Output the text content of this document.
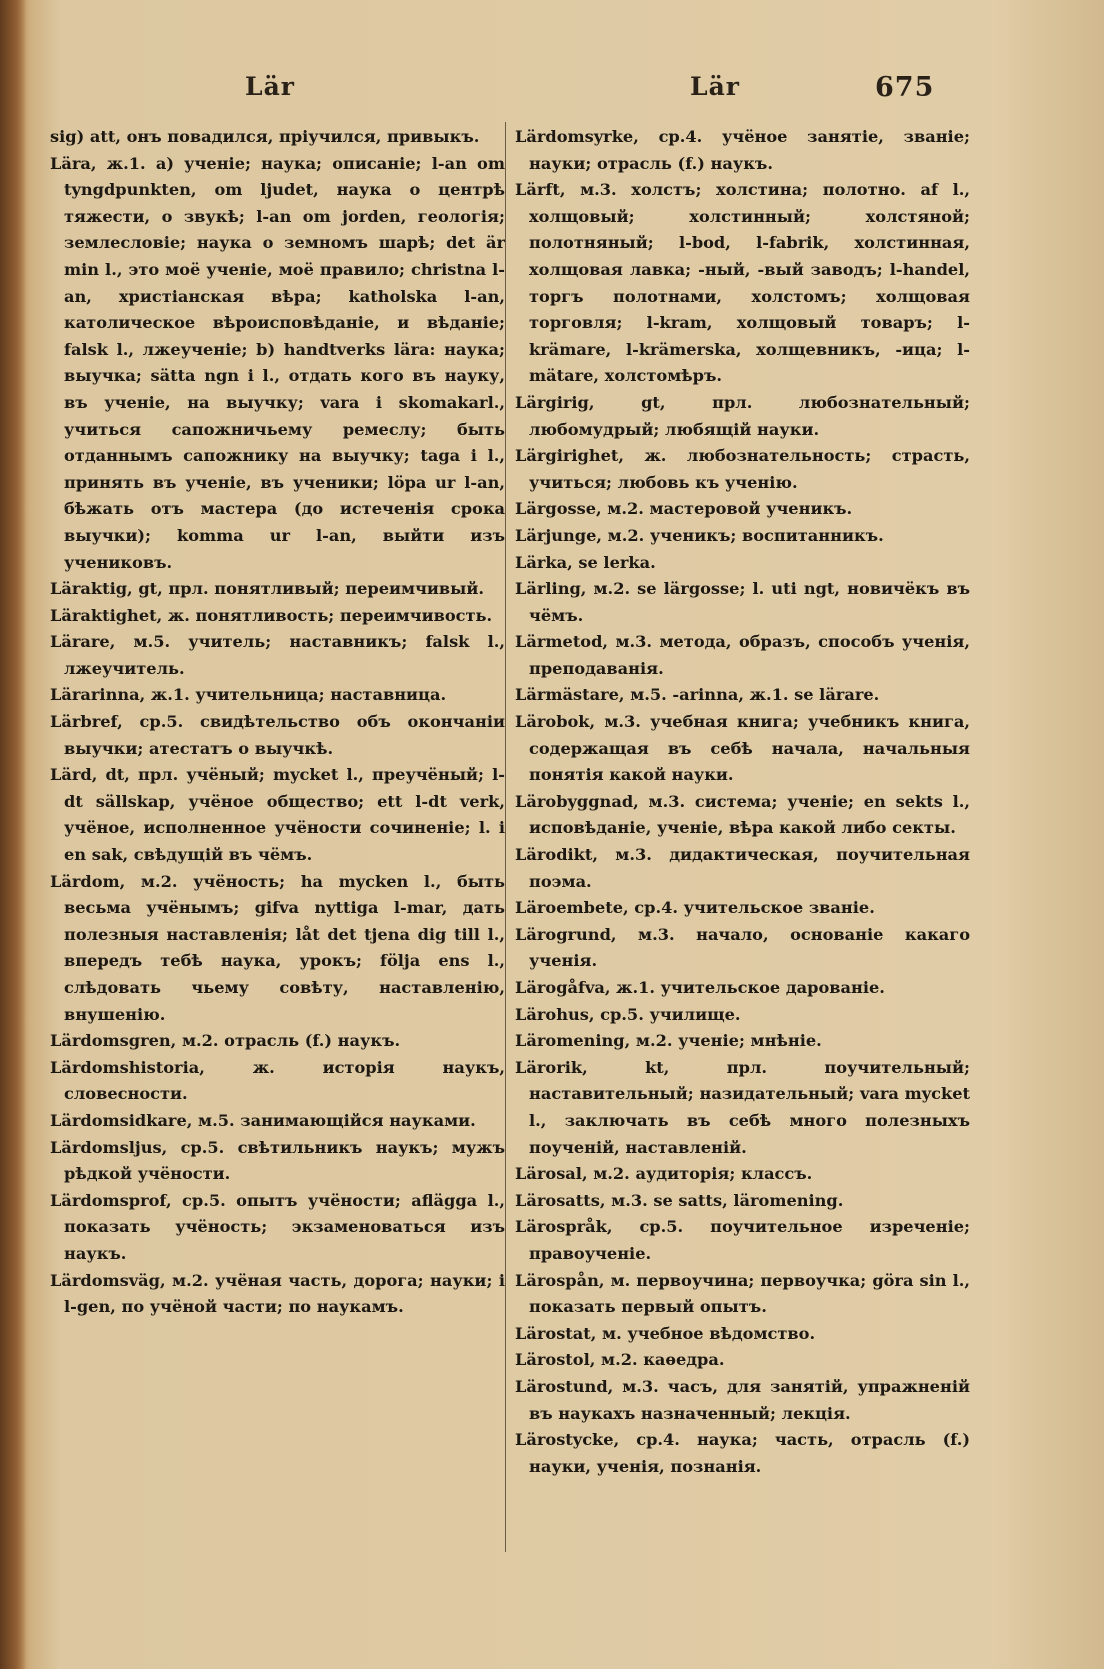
Lär	Lär	675

sig) att, онъ повадился, пріучился, привыкъ.

Lära, ж.1. а) ученіе; наука; описаніе; l-an om tyngdpunkten, om ljudet, наука о центрѣ тяжести, о звукѣ; l-an om jorden, геологія; землесловіе; наука о земномъ шарѣ; det är min l., это моё ученіе, моё правило; christna l-an, христіанская вѣра; katholska l-an, католическое вѣроисповѣданіе, и вѣданіе; falsk l., лжеученіе; b) handtverks lära: наука; выучка; sätta ngn i l., отдать кого въ науку, въ ученіе, на выучку; vara i skomakarl., учиться сапожничьему ремеслу; быть отданнымъ сапожнику на выучку; taga i l., принять въ ученіе, въ ученики; löpa ur l-an, бѣжать отъ мастера (до истеченія срока выучки); komma ur l-an, выйти изъ учениковъ.

Läraktig, gt, прл. понятливый; переимчивый.

Läraktighet, ж. понятливость; переимчивость.

Lärare, м.5. учитель; наставникъ; falsk l., лжеучитель.

Lärarinna, ж.1. учительница; наставница.

Lärbref, ср.5. свидѣтельство объ окончаніи выучки; атестатъ о выучкѣ.

Lärd, dt, прл. учёный; mycket l., преучёный; l-dt sällskap, учёное общество; ett l-dt verk, учёное, исполненное учёности сочиненіе; l. i en sak, свѣдущій въ чёмъ.

Lärdom, м.2. учёность; ha mycken l., быть весьма учёнымъ; gifva nyttiga l-mar, дать полезныя наставленія; låt det tjena dig till l., впередъ тебѣ наука, урокъ; följa ens l., слѣдовать чьему совѣту, наставленію, внушенію.

Lärdomsgren, м.2. отрасль (f.) наукъ.

Lärdomshistoria, ж. исторія наукъ, словесности.

Lärdomsidkare, м.5. занимающійся науками.

Lärdomsljus, ср.5. свѣтильникъ наукъ; мужъ рѣдкой учёности.

Lärdomsprof, ср.5. опытъ учёности; aflägga l., показать учёность; экзаменоваться изъ наукъ.

Lärdomsväg, м.2. учёная часть, дорога; науки; i l-gen, по учёной части; по наукамъ.

Lärdomsyrke, ср.4. учёное занятіе, званіе; науки; отрасль (f.) наукъ.

Lärft, м.3. холстъ; холстина; полотно. af l., холщовый; холстинный; холстяной; полотняный; l-bod, l-fabrik, холстинная, холщовая лавка; -ный, -вый заводъ; l-handel, торгъ полотнами, холстомъ; холщовая торговля; l-kram, холщовый товаръ; l-krämare, l-krämerska, холщевникъ, -ица; l-mätare, холстомѣръ.

Lärgirig, gt, прл. любознательный; любомудрый; любящій науки.

Lärgirighet, ж. любознательность; страсть, учиться; любовь къ ученію.

Lärgosse, м.2. мастеровой ученикъ.

Lärjunge, м.2. ученикъ; воспитанникъ.

Lärka, se lerka.

Lärling, м.2. se lärgosse; l. uti ngt, новичёкъ въ чёмъ.

Lärmetod, м.3. метода, образъ, способъ ученія, преподаванія.

Lärmästare, м.5. -arinna, ж.1. se lärare.

Lärobok, м.3. учебная книга; учебникъ книга, содержащая въ себѣ начала, начальныя понятія какой науки.

Lärobyggnad, м.3. система; ученіе; en sekts l., исповѣданіе, ученіе, вѣра какой либо секты.

Lärodikt, м.3. дидактическая, поучительная поэма.

Läroembete, ср.4. учительское званіе.

Lärogrund, м.3. начало, основаніе какаго ученія.

Lärogåfva, ж.1. учительское дарованіе.

Lärohus, ср.5. училище.

Läromening, м.2. ученіе; мнѣніе.

Lärorik, kt, прл. поучительный; наставительный; назидательный; vara mycket l., заключать въ себѣ много полезныхъ поученій, наставленій.

Lärosal, м.2. аудиторія; классъ.

Lärosatts, м.3. se satts, läromening.

Lärospråk, ср.5. поучительное изреченіе; правоученіе.

Lärospån, м. первоучина; первоучка; göra sin l., показать первый опытъ.

Lärostat, м. учебное вѣдомство.

Lärostol, м.2. каѳедра.

Lärostund, м.3. часъ, для занятій, упражненій въ наукахъ назначенный; лекція.

Lärostycke, ср.4. наука; часть, отрасль (f.) науки, ученія, познанія.
